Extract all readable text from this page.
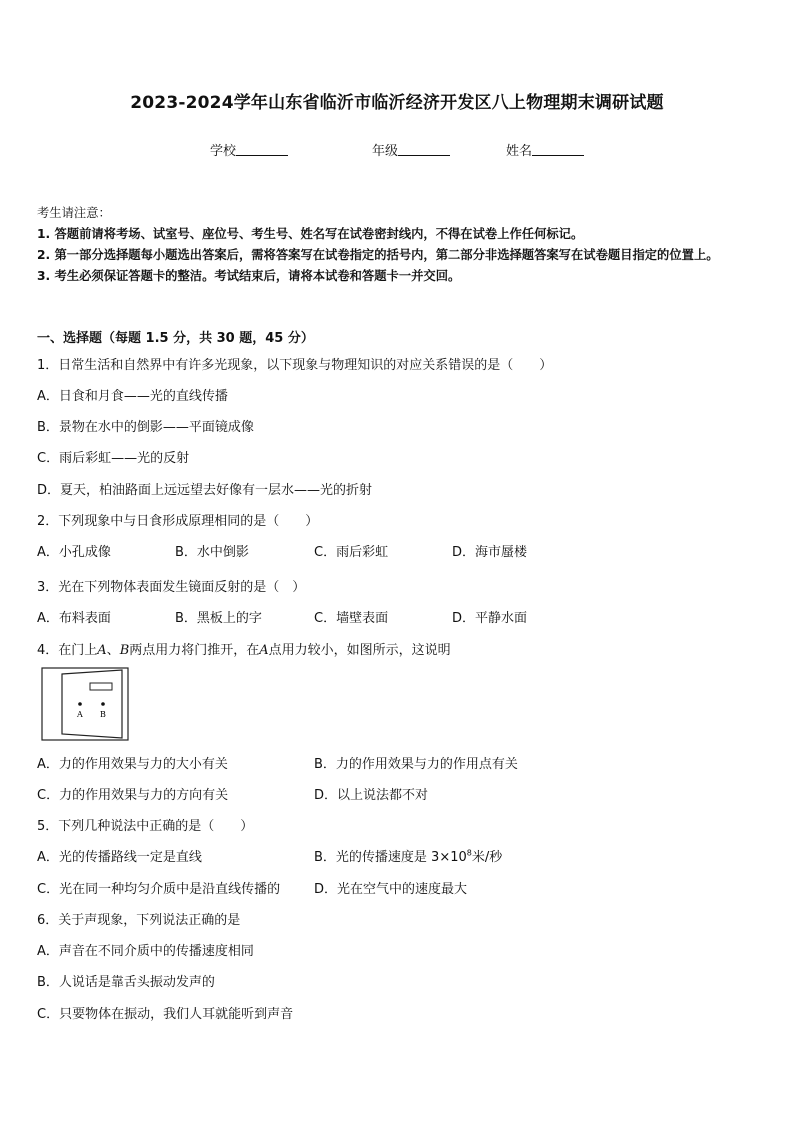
2023-2024学年山东省临沂市临沂经济开发区八上物理期末调研试题
学校	年级	姓名
考生请注意：
1. 答题前请将考场、试室号、座位号、考生号、姓名写在试卷密封线内，不得在试卷上作任何标记。
2. 第一部分选择题每小题选出答案后，需将答案写在试卷指定的括号内，第二部分非选择题答案写在试卷题目指定的位置上。
3. 考生必须保证答题卡的整洁。考试结束后，请将本试卷和答题卡一并交回。
一、选择题（每题 1.5 分，共 30 题，45 分）
1．日常生活和自然界中有许多光现象，以下现象与物理知识的对应关系错误的是（　　）
A．日食和月食——光的直线传播
B．景物在水中的倒影——平面镜成像
C．雨后彩虹——光的反射
D．夏天，柏油路面上远远望去好像有一层水——光的折射
2．下列现象中与日食形成原理相同的是（　　）
A．小孔成像	B．水中倒影	C．雨后彩虹	D．海市蜃楼
3．光在下列物体表面发生镜面反射的是（　）
A．布料表面	B．黑板上的字	C．墙壁表面	D．平静水面
4．在门上A、B两点用力将门推开，在A点用力较小，如图所示，这说明
A B
A．力的作用效果与力的大小有关	B．力的作用效果与力的作用点有关
C．力的作用效果与力的方向有关	D．以上说法都不对
5．下列几种说法中正确的是（　　）
A．光的传播路线一定是直线	B．光的传播速度是 $3\times 10^8$米/秒
C．光在同一种均匀介质中是沿直线传播的	D．光在空气中的速度最大
6．关于声现象，下列说法正确的是
A．声音在不同介质中的传播速度相同
B．人说话是靠舌头振动发声的
C．只要物体在振动，我们人耳就能听到声音
